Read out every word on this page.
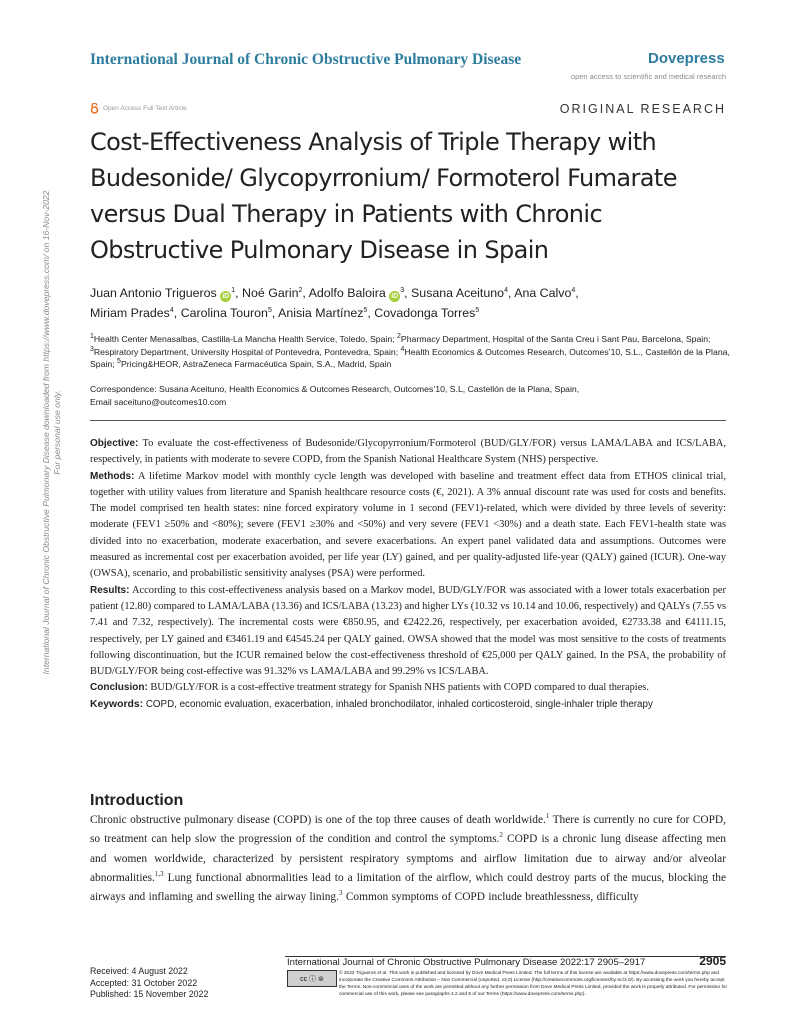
International Journal of Chronic Obstructive Pulmonary Disease	Dovepress
open access to scientific and medical research
Open Access Full Text Article	ORIGINAL RESEARCH
Cost-Effectiveness Analysis of Triple Therapy with Budesonide/ Glycopyrronium/ Formoterol Fumarate versus Dual Therapy in Patients with Chronic Obstructive Pulmonary Disease in Spain
Juan Antonio Trigueros $iD^1$, Noé Garin$^2$, Adolfo Baloira $iD^3$, Susana Aceituno$^4$, Ana Calvo$^4$,
Miriam Prades$^4$, Carolina Touron$^5$, Anisia Martínez$^5$, Covadonga Torres$^5$
$^1$Health Center Menasalbas, Castilla-La Mancha Health Service, Toledo, Spain; $^2$Pharmacy Department, Hospital of the Santa Creu i Sant Pau, Barcelona, Spain; $^3$Respiratory Department, University Hospital of Pontevedra, Pontevedra, Spain; $^4$Health Economics & Outcomes Research, Outcomes’10, S.L., Castellón de la Plana, Spain; $^5$Pricing&HEOR, AstraZeneca Farmacéutica Spain, S.A., Madrid, Spain
Correspondence: Susana Aceituno, Health Economics & Outcomes Research, Outcomes’10, S.L, Castellón de la Plana, Spain,
Email saceituno@outcomes10.com

Objective: To evaluate the cost-effectiveness of Budesonide/Glycopyrronium/Formoterol (BUD/GLY/FOR) versus LAMA/LABA and ICS/LABA, respectively, in patients with moderate to severe COPD, from the Spanish National Healthcare System (NHS) perspective.

Methods: A lifetime Markov model with monthly cycle length was developed with baseline and treatment effect data from ETHOS clinical trial, together with utility values from literature and Spanish healthcare resource costs (€, 2021). A 3% annual discount rate was used for costs and benefits. The model comprised ten health states: nine forced expiratory volume in 1 second (FEV1)-related, which were divided by three levels of severity: moderate (FEV1 ≥50% and <80%); severe (FEV1 ≥30% and <50%) and very severe (FEV1 <30%) and a death state. Each FEV1-health state was divided into no exacerbation, moderate exacerbation, and severe exacerbations. An expert panel validated data and assumptions. Outcomes were measured as incremental cost per exacerbation avoided, per life year (LY) gained, and per quality-adjusted life-year (QALY) gained (ICUR). One-way (OWSA), scenario, and probabilistic sensitivity analyses (PSA) were performed.

Results: According to this cost-effectiveness analysis based on a Markov model, BUD/GLY/FOR was associated with a lower totals exacerbation per patient (12.80) compared to LAMA/LABA (13.36) and ICS/LABA (13.23) and higher LYs (10.32 vs 10.14 and 10.06, respectively) and QALYs (7.55 vs 7.41 and 7.32, respectively). The incremental costs were €850.95, and €2422.26, respectively, per exacerbation avoided, €2733.38 and €4111.15, respectively, per LY gained and €3461.19 and €4545.24 per QALY gained. OWSA showed that the model was most sensitive to the costs of treatments following discontinuation, but the ICUR remained below the cost-effectiveness threshold of €25,000 per QALY gained. In the PSA, the probability of BUD/GLY/FOR being cost-effective was 91.32% vs LAMA/LABA and 99.29% vs ICS/LABA.

Conclusion: BUD/GLY/FOR is a cost-effective treatment strategy for Spanish NHS patients with COPD compared to dual therapies.

Keywords: COPD, economic evaluation, exacerbation, inhaled bronchodilator, inhaled corticosteroid, single-inhaler triple therapy

Introduction

Chronic obstructive pulmonary disease (COPD) is one of the top three causes of death worldwide.$^1$ There is currently no cure for COPD, so treatment can help slow the progression of the condition and control the symptoms.$^2$ COPD is a chronic lung disease affecting men and women worldwide, characterized by persistent respiratory symptoms and airflow limitation due to airway and/or alveolar abnormalities.$^{1,3}$ Lung functional abnormalities lead to a limitation of the airflow, which could destroy parts of the mucus, blocking the airways and inflaming and swelling the airway lining.$^3$ Common symptoms of COPD include breathlessness, difficulty

International Journal of Chronic Obstructive Pulmonary Disease downloaded from https://www.dovepress.com/ on 16-Nov-2022 For personal use only.
International Journal of Chronic Obstructive Pulmonary Disease 2022:17 2905–2917	2905
Received: 4 August 2022
Accepted: 31 October 2022
Published: 15 November 2022
cc ⓘ ⊜
© 2022 Trigueros et al. This work is published and licensed by Dove Medical Press Limited. The full terms of this license are available at https://www.dovepress.com/terms.php and incorporate the Creative Commons Attribution – Non Commercial (unported, v3.0) License (http://creativecommons.org/licenses/by-nc/3.0/). By accessing the work you hereby accept the Terms. Non-commercial uses of the work are permitted without any further permission from Dove Medical Press Limited, provided the work is properly attributed. For permission for commercial use of this work, please see paragraphs 4.2 and 5 of our Terms (https://www.dovepress.com/terms.php).
